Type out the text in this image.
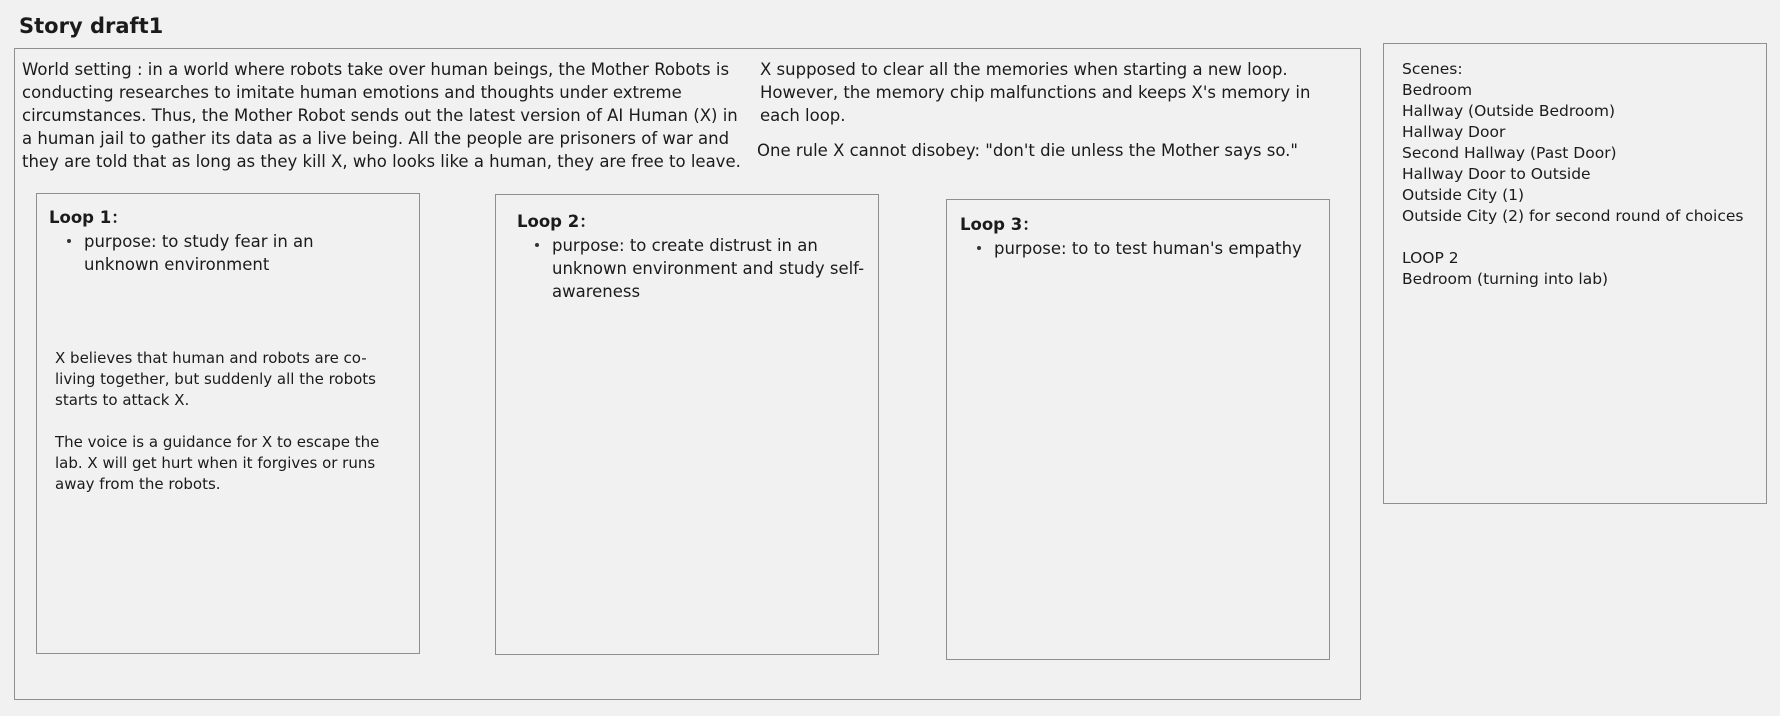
Story draft1
World setting : in a world where robots take over human beings, the Mother Robots is conducting researches to imitate human emotions and thoughts under extreme circumstances. Thus, the Mother Robot sends out the latest version of AI Human (X) in a human jail to gather its data as a live being. All the people are prisoners of war and they are told that as long as they kill X, who looks like a human, they are free to leave.
X supposed to clear all the memories when starting a new loop. However, the memory chip malfunctions and keeps X's memory in each loop.
One rule X cannot disobey: "don't die unless the Mother says so."
Loop 1：
purpose: to study fear in an unknown environment
X believes that human and robots are co-living together, but suddenly all the robots starts to attack X.
The voice is a guidance for X to escape the lab. X will get hurt when it forgives or runs away from the robots.
Loop 2：
purpose: to create distrust in an unknown environment and study self-awareness
Loop 3：
purpose: to to test human's empathy
Scenes:
Bedroom
Hallway (Outside Bedroom)
Hallway Door
Second Hallway (Past Door)
Hallway Door to Outside
Outside City (1)
Outside City (2) for second round of choices
LOOP 2
Bedroom (turning into lab)
